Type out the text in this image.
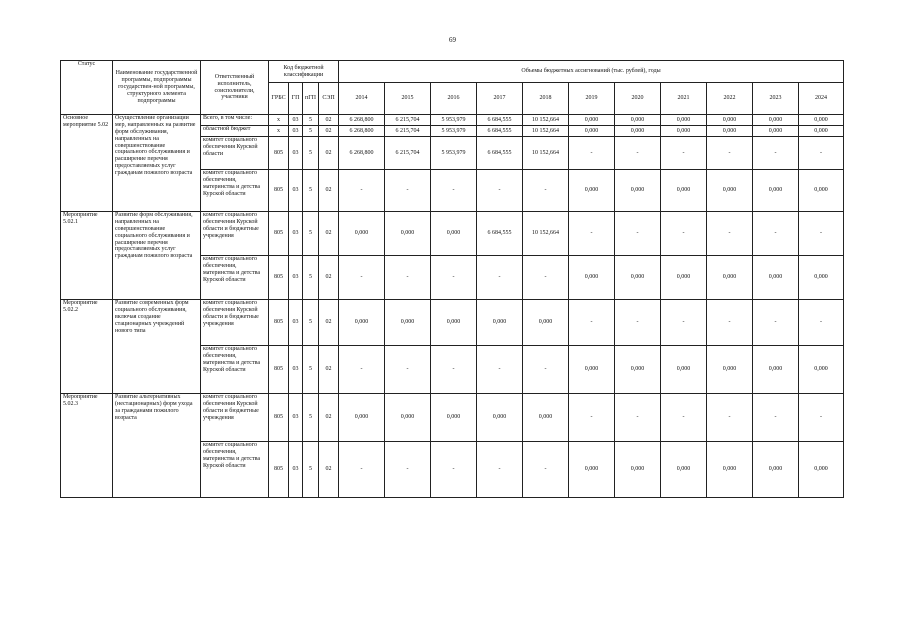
69
Статус	Наименование государственной программы, подпрограммы государствен-ной программы, структурного элемента подпрограммы	Ответственный исполнитель, соисполнители, участники	Код бюджетной классификации				Объемы бюджетных ассигнований (тыс. рублей), годы										
			ГРБС	ГП	пГП	СЭП	2014	2015	2016	2017	2018	2019	2020	2021	2022	2023	2024
Основное мероприятие 5.02	Осуществление организации мер, направленных на развитие форм обслуживания, направленных на совершенствование социального обслуживания и расширение перечня предоставляемых услуг гражданам пожилого возраста	Всего, в том числе:	х	03	5	02	6 268,800	6 215,704	5 953,979	6 684,555	10 152,664	0,000	0,000	0,000	0,000	0,000	0,000
		областной бюджет	х	03	5	02	6 268,800	6 215,704	5 953,979	6 684,555	10 152,664	0,000	0,000	0,000	0,000	0,000	0,000
		комитет социального обеспечения Курской области	805	03	5	02	6 268,800	6 215,704	5 953,979	6 684,555	10 152,664	-	-	-	-	-	-
		комитет социального обеспечения, материнства и детства Курской области	805	03	5	02	-	-	-	-	-	0,000	0,000	0,000	0,000	0,000	0,000
Мероприятие 5.02.1	Развитие форм обслуживания, направленных на совершенствование социального обслуживания и расширение перечня предоставляемых услуг гражданам пожилого возраста	комитет социального обеспечения Курской области и бюджетные учреждения	805	03	5	02	0,000	0,000	0,000	6 684,555	10 152,664	-	-	-	-	-	-
		комитет социального обеспечения, материнства и детства Курской области	805	03	5	02	-	-	-	-	-	0,000	0,000	0,000	0,000	0,000	0,000
Мероприятие 5.02.2	Развитие современных форм социального обслуживания, включая создание стационарных учреждений нового типа	комитет социального обеспечения Курской области и бюджетные учреждения	805	03	5	02	0,000	0,000	0,000	0,000	0,000	-	-	-	-	-	-
		комитет социального обеспечения, материнства и детства Курской области	805	03	5	02	-	-	-	-	-	0,000	0,000	0,000	0,000	0,000	0,000
Мероприятие 5.02.3	Развитие альтернативных (нестационарных) форм ухода за гражданами пожилого возраста	комитет социального обеспечения Курской области и бюджетные учреждения	805	03	5	02	0,000	0,000	0,000	0,000	0,000	-	-	-	-	-	-
		комитет социального обеспечения, материнства и детства Курской области	805	03	5	02	-	-	-	-	-	0,000	0,000	0,000	0,000	0,000	0,000
